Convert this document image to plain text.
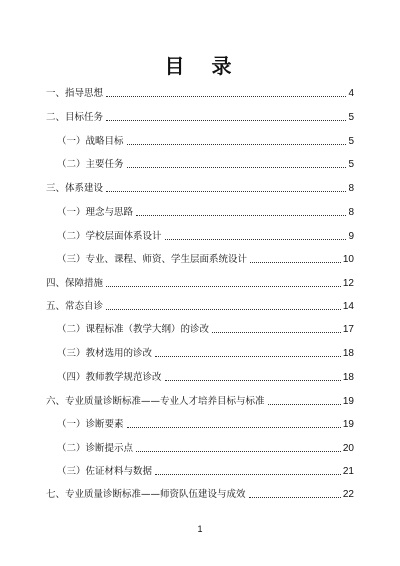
目 录
一、指导思想	4
二、目标任务	5
（一）战略目标	5
（二）主要任务	5
三、体系建设	8
（一）理念与思路	8
（二）学校层面体系设计	9
（三）专业、课程、师资、学生层面系统设计	10
四、保障措施	12
五、常态自诊	14
（二）课程标准（教学大纲）的诊改	17
（三）教材选用的诊改	18
（四）教师教学规范诊改	18
六、专业质量诊断标准——专业人才培养目标与标准	19
（一）诊断要素	19
（二）诊断提示点	20
（三）佐证材料与数据	21
七、专业质量诊断标准——师资队伍建设与成效	22
1
